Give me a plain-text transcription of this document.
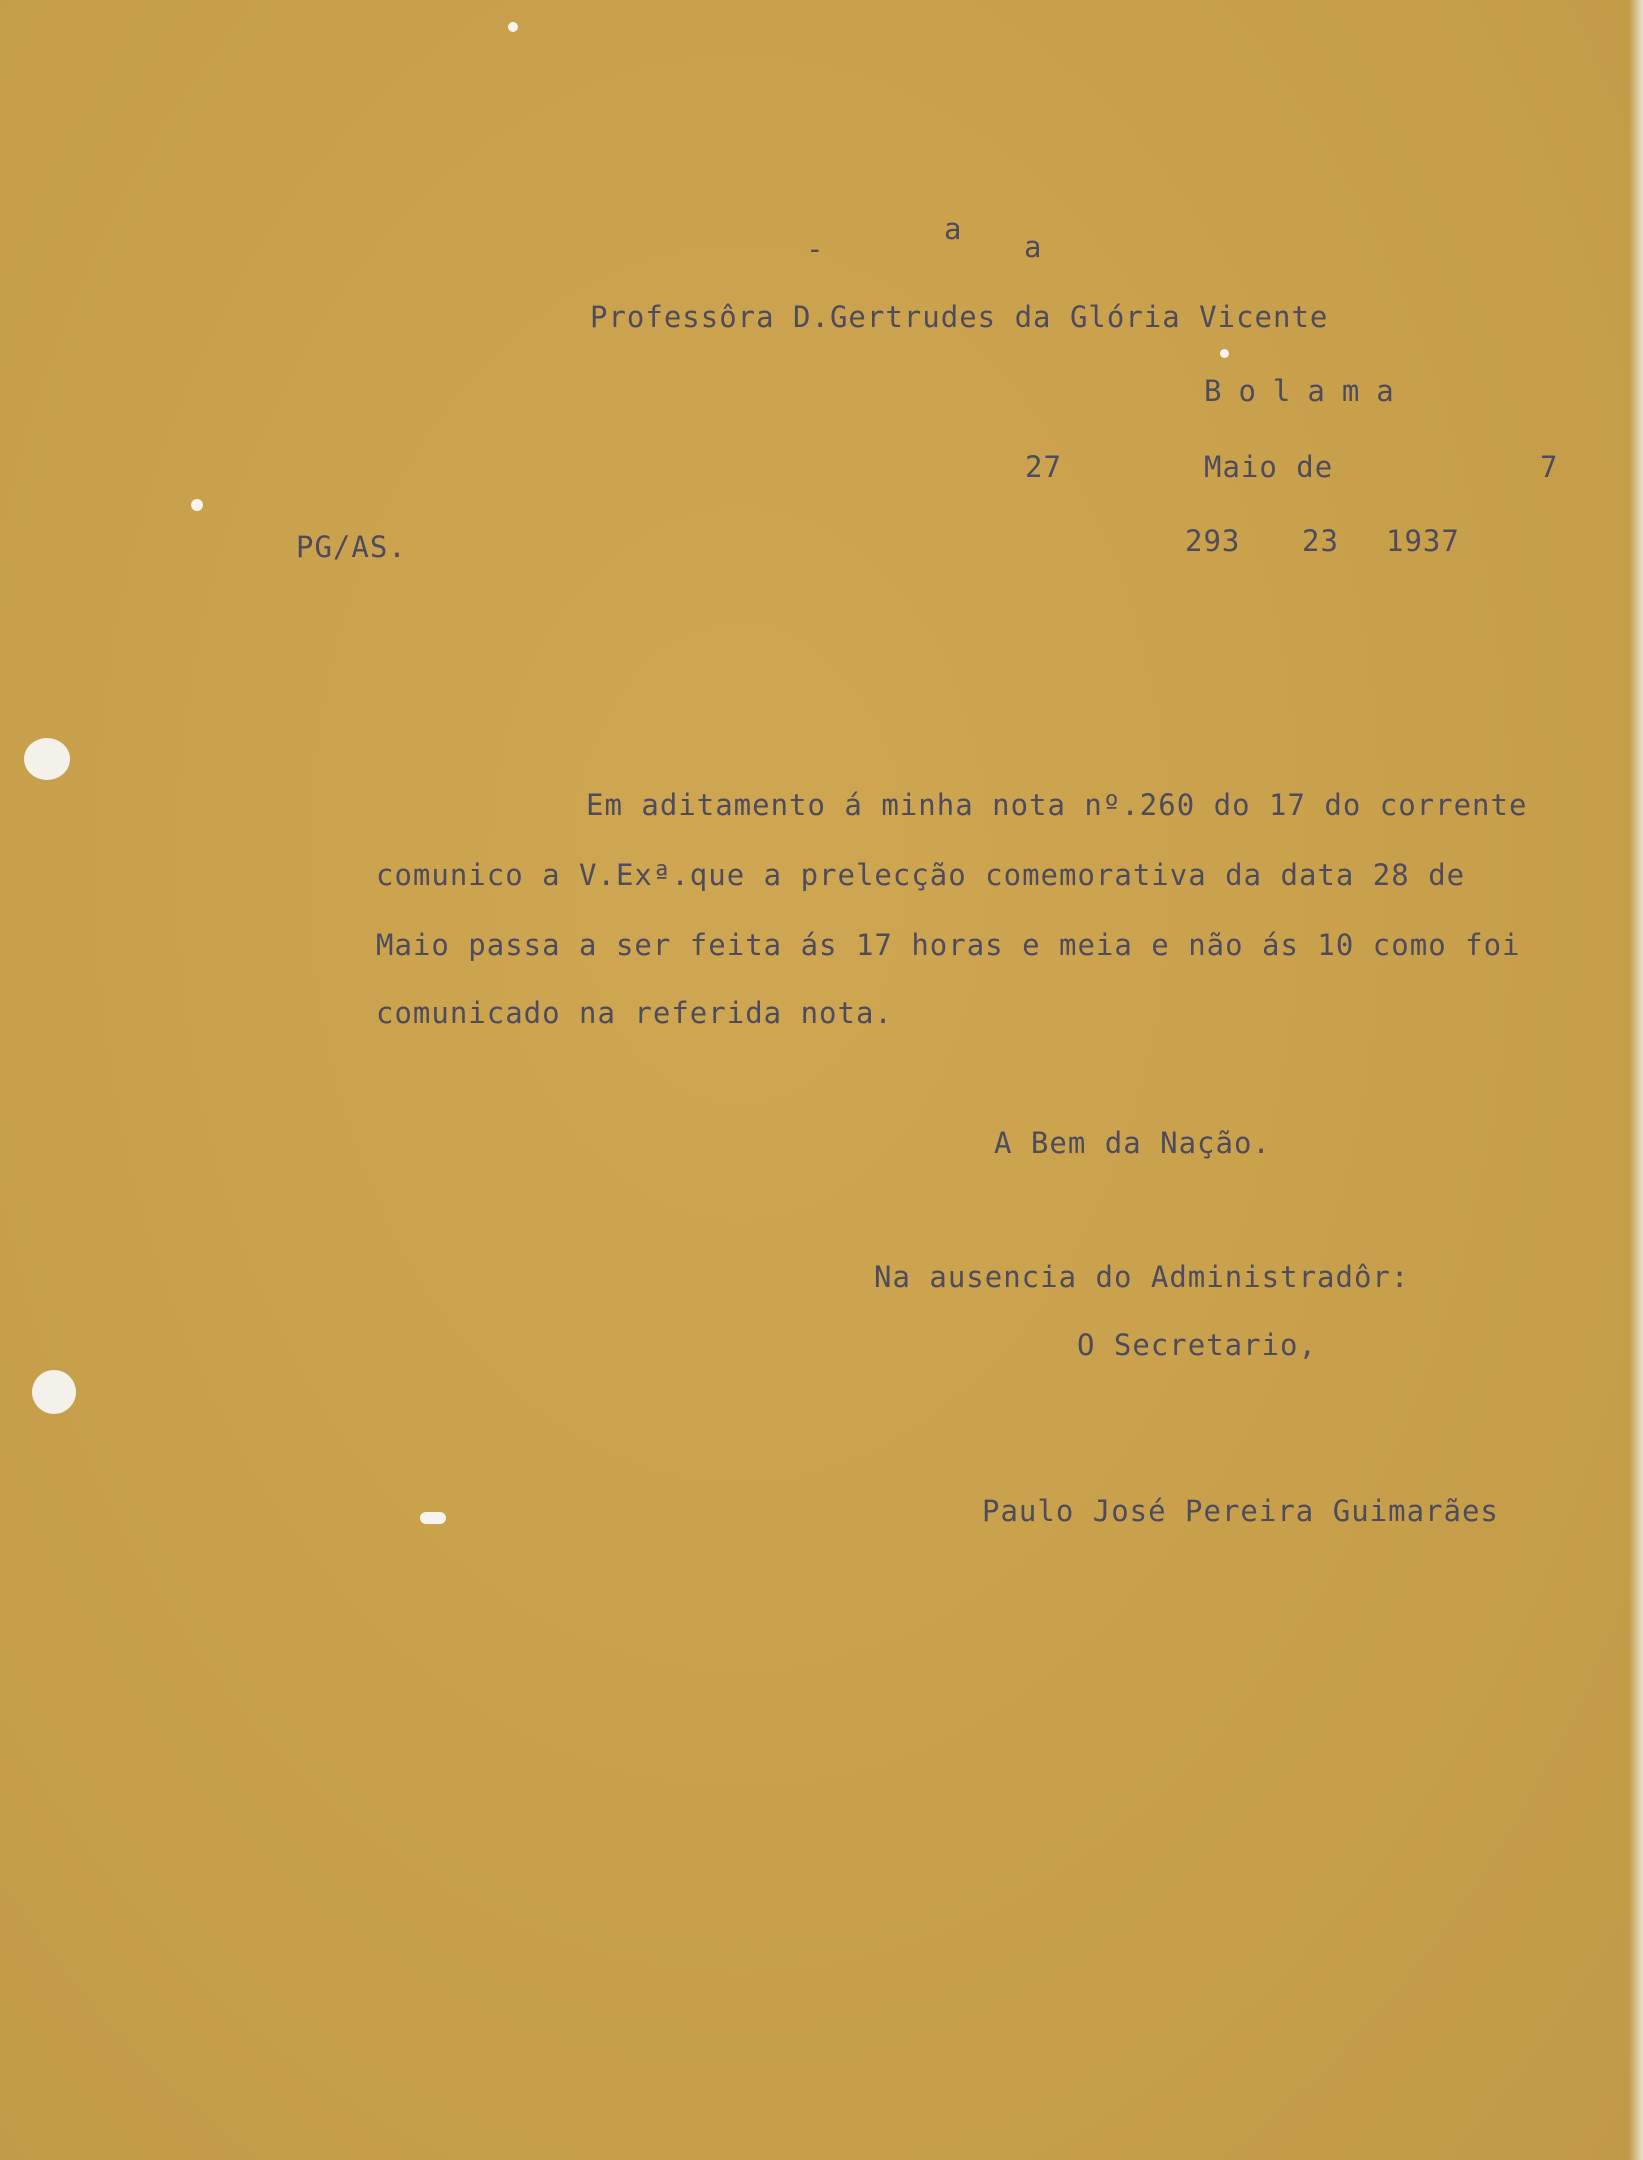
-
a
a
Professôra D.Gertrudes da Glória Vicente
Bolama
27	Maio de	7
PG/AS.	293 23 1937
Em aditamento á minha nota nº.260 do 17 do corrente
comunico a V.Exª.que a prelecção comemorativa da data 28 de
Maio passa a ser feita ás 17 horas e meia e não ás 10 como foi
comunicado na referida nota.
A Bem da Nação.
Na ausencia do Administradôr:
O Secretario,
Paulo José Pereira Guimarães
